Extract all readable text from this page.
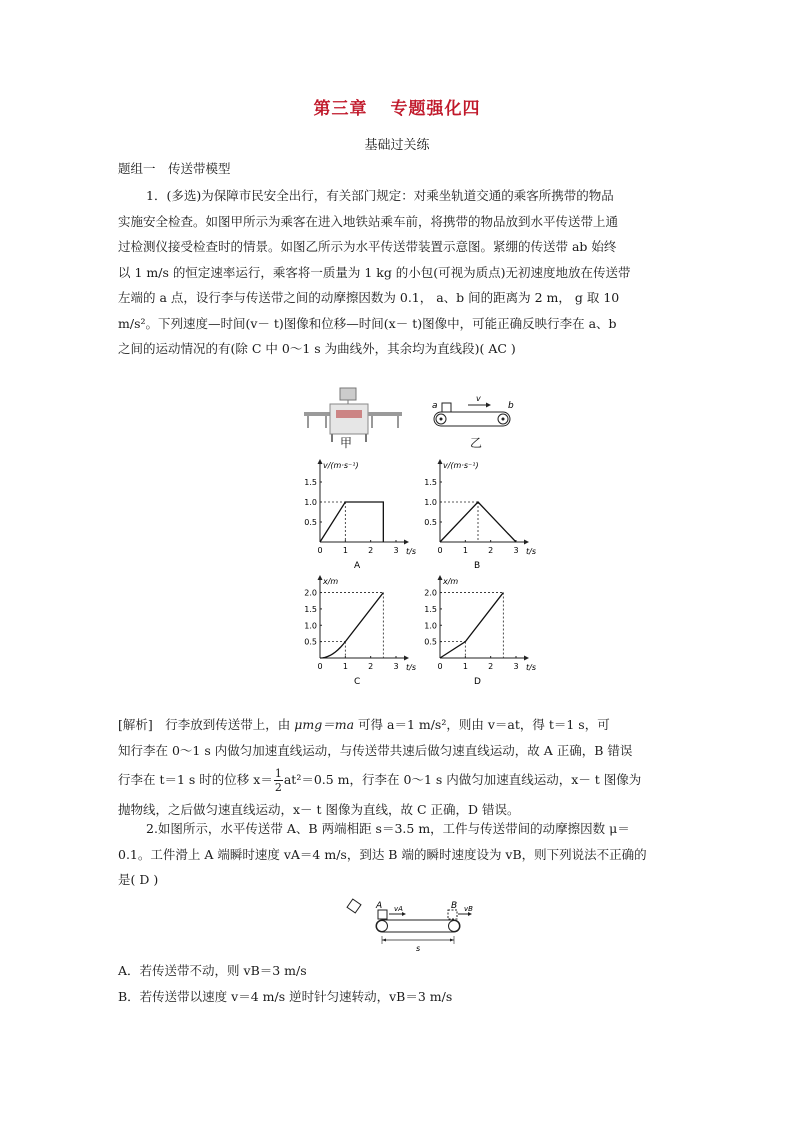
第三章 专题强化四
基础过关练
题组一　传送带模型
1．(多选)为保障市民安全出行，有关部门规定：对乘坐轨道交通的乘客所携带的物品
实施安全检查。如图甲所示为乘客在进入地铁站乘车前，将携带的物品放到水平传送带上通
过检测仪接受检查时的情景。如图乙所示为水平传送带装置示意图。紧绷的传送带 ab 始终
以 1 m/s 的恒定速率运行，乘客将一质量为 1 kg 的小包(可视为质点)无初速度地放在传送带
左端的 a 点，设行李与传送带之间的动摩擦因数为 0.1， a、b 间的距离为 2 m， g 取 10
m/s²。下列速度—时间(v－ t)图像和位移—时间(x－ t)图像中，可能正确反映行李在 a、b
之间的运动情况的有(除 C 中 0～1 s 为曲线外，其余均为直线段)( AC )
甲
a
v
b
乙
v/(m·s⁻¹)
t/s
0	1	2	3
1.5
1.0
0.5
A
v/(m·s⁻¹)
t/s
0	1	2	3
1.5
1.0
0.5
B
x/m
t/s
0	1	2	3
2.0
1.5
1.0
0.5
C
x/m
t/s
0	1	2	3
2.0
1.5
1.0
0.5
D
[解析]　行李放到传送带上，由 μmg＝ma 可得 a＝1 m/s²，则由 v＝at，得 t＝1 s，可
知行李在 0～1 s 内做匀加速直线运动，与传送带共速后做匀速直线运动，故 A 正确，B 错误
行李在 t＝1 s 时的位移 $x= \frac{1}{2} at^2=0.5$ m，行李在 0～1 s 内做匀加速直线运动，x－ t 图像为
抛物线，之后做匀速直线运动，x－ t 图像为直线，故 C 正确，D 错误。
2.如图所示，水平传送带 A、B 两端相距 s＝3.5 m，工件与传送带间的动摩擦因数 μ＝
0.1。工件滑上 A 端瞬时速度 vA＝4 m/s，到达 B 端的瞬时速度设为 vB，则下列说法不正确的
是( D )
A	B
vA	vB
s
A．若传送带不动，则 vB＝3 m/s
B．若传送带以速度 v＝4 m/s 逆时针匀速转动，vB＝3 m/s
